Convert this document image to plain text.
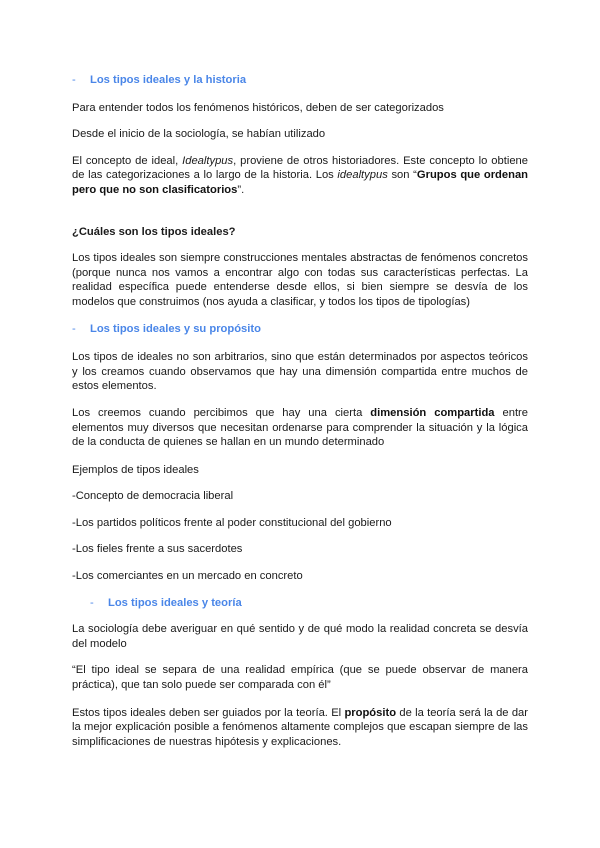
-	Los tipos ideales y la historia

Para entender todos los fenómenos históricos, deben de ser categorizados

Desde el inicio de la sociología, se habían utilizado

El concepto de ideal, Idealtypus, proviene de otros historiadores. Este concepto lo obtiene de las categorizaciones a lo largo de la historia. Los idealtypus son “Grupos que ordenan pero que no son clasificatorios”.

¿Cuáles son los tipos ideales?

Los tipos ideales son siempre construcciones mentales abstractas de fenómenos concretos (porque nunca nos vamos a encontrar algo con todas sus características perfectas. La realidad específica puede entenderse desde ellos, si bien siempre se desvía de los modelos que construimos (nos ayuda a clasificar, y todos los tipos de tipologías)

-	Los tipos ideales y su propósito

Los tipos de ideales no son arbitrarios, sino que están determinados por aspectos teóricos y los creamos cuando observamos que hay una dimensión compartida entre muchos de estos elementos.

Los creemos cuando percibimos que hay una cierta dimensión compartida entre elementos muy diversos que necesitan ordenarse para comprender la situación y la lógica de la conducta de quienes se hallan en un mundo determinado

Ejemplos de tipos ideales

-Concepto de democracia liberal

-Los partidos políticos frente al poder constitucional del gobierno

-Los fieles frente a sus sacerdotes

-Los comerciantes en un mercado en concreto

-	Los tipos ideales y teoría

La sociología debe averiguar en qué sentido y de qué modo la realidad concreta se desvía del modelo

“El tipo ideal se separa de una realidad empírica (que se puede observar de manera práctica), que tan solo puede ser comparada con él”

Estos tipos ideales deben ser guiados por la teoría. El propósito de la teoría será la de dar la mejor explicación posible a fenómenos altamente complejos que escapan siempre de las simplificaciones de nuestras hipótesis y explicaciones.
